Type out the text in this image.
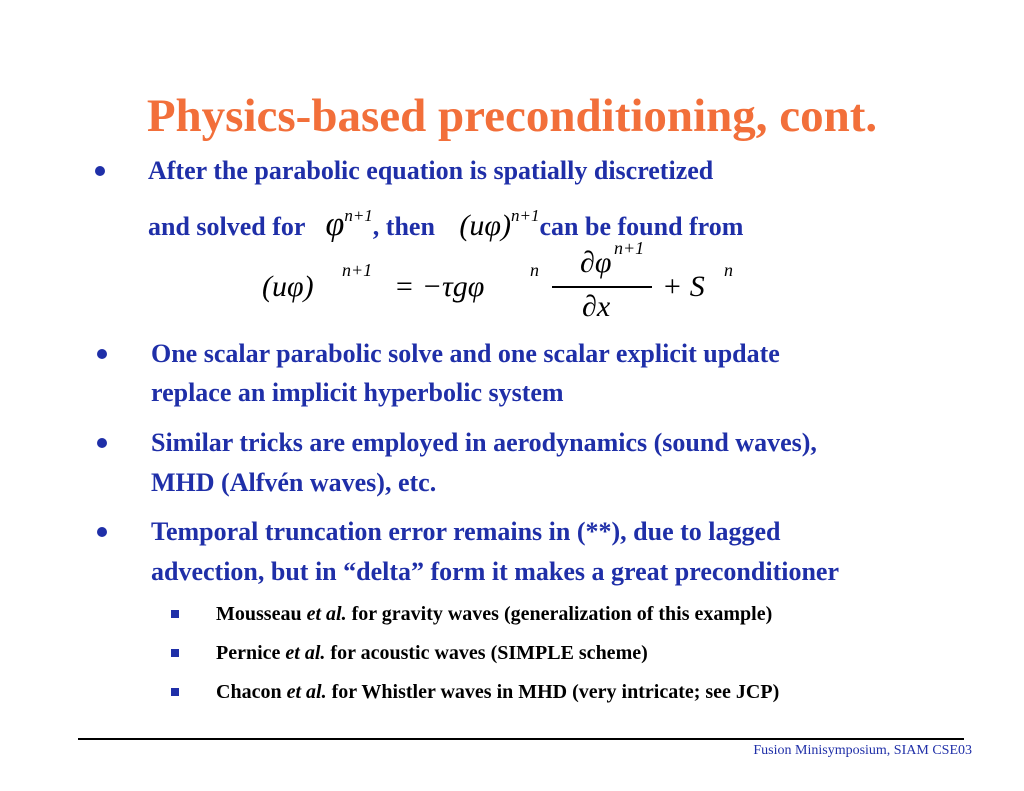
Physics-based preconditioning, cont.
After the parabolic equation is spatially discretized
and solved for $\varphi^{n+1}$, then $(u\varphi)^{n+1}can$ be found from
(uφ) n+1 = −τgφ	n ∂φ n+1
∂x
+ S n
One scalar parabolic solve and one scalar explicit update
replace an implicit hyperbolic system
Similar tricks are employed in aerodynamics (sound waves),
MHD (Alfvén waves), etc.
Temporal truncation error remains in (**), due to lagged
advection, but in “delta” form it makes a great preconditioner
Mousseau et al. for gravity waves (generalization of this example)
Pernice et al. for acoustic waves (SIMPLE scheme)
Chacon et al. for Whistler waves in MHD (very intricate; see JCP)
Fusion Minisymposium, SIAM CSE03
